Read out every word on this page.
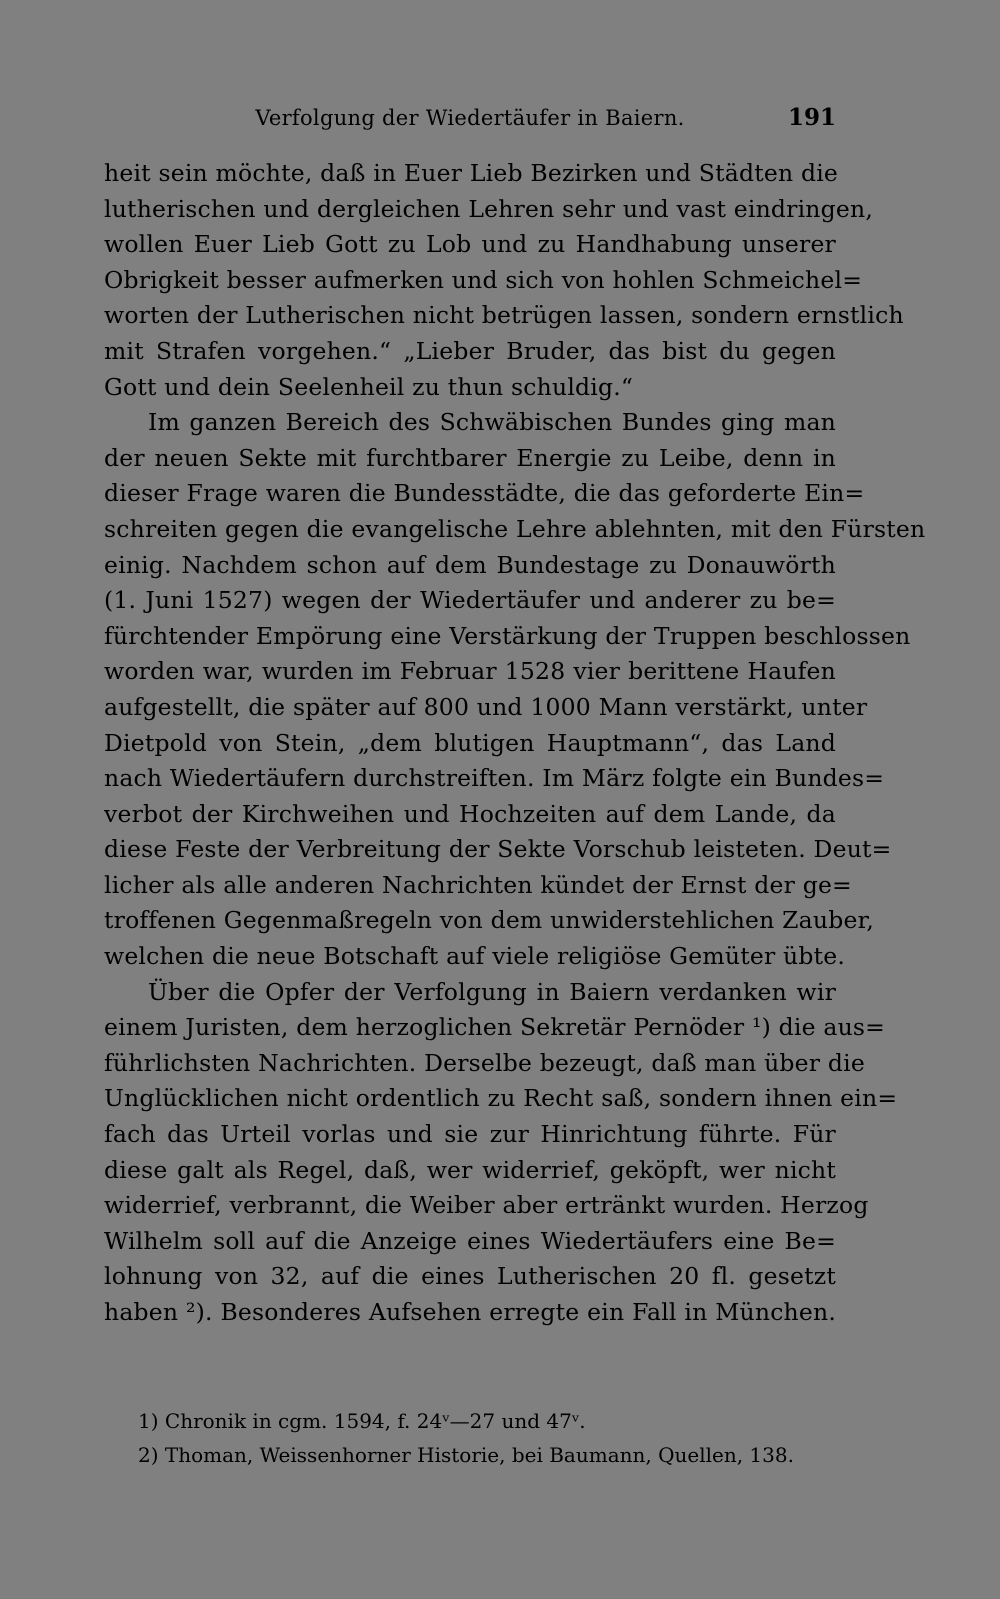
Verfolgung der Wiedertäufer in Baiern.	191
heit sein möchte, daß in Euer Lieb Bezirken und Städten die
lutherischen und dergleichen Lehren sehr und vast eindringen,
wollen Euer Lieb Gott zu Lob und zu Handhabung unserer
Obrigkeit besser aufmerken und sich von hohlen Schmeichel=
worten der Lutherischen nicht betrügen lassen, sondern ernstlich
mit Strafen vorgehen.“ „Lieber Bruder, das bist du gegen
Gott und dein Seelenheil zu thun schuldig.“
Im ganzen Bereich des Schwäbischen Bundes ging man
der neuen Sekte mit furchtbarer Energie zu Leibe, denn in
dieser Frage waren die Bundesstädte, die das geforderte Ein=
schreiten gegen die evangelische Lehre ablehnten, mit den Fürsten
einig. Nachdem schon auf dem Bundestage zu Donauwörth
(1. Juni 1527) wegen der Wiedertäufer und anderer zu be=
fürchtender Empörung eine Verstärkung der Truppen beschlossen
worden war, wurden im Februar 1528 vier berittene Haufen
aufgestellt, die später auf 800 und 1000 Mann verstärkt, unter
Dietpold von Stein, „dem blutigen Hauptmann“, das Land
nach Wiedertäufern durchstreiften. Im März folgte ein Bundes=
verbot der Kirchweihen und Hochzeiten auf dem Lande, da
diese Feste der Verbreitung der Sekte Vorschub leisteten. Deut=
licher als alle anderen Nachrichten kündet der Ernst der ge=
troffenen Gegenmaßregeln von dem unwiderstehlichen Zauber,
welchen die neue Botschaft auf viele religiöse Gemüter übte.
Über die Opfer der Verfolgung in Baiern verdanken wir
einem Juristen, dem herzoglichen Sekretär Pernöder ¹) die aus=
führlichsten Nachrichten. Derselbe bezeugt, daß man über die
Unglücklichen nicht ordentlich zu Recht saß, sondern ihnen ein=
fach das Urteil vorlas und sie zur Hinrichtung führte. Für
diese galt als Regel, daß, wer widerrief, geköpft, wer nicht
widerrief, verbrannt, die Weiber aber ertränkt wurden. Herzog
Wilhelm soll auf die Anzeige eines Wiedertäufers eine Be=
lohnung von 32, auf die eines Lutherischen 20 fl. gesetzt
haben ²). Besonderes Aufsehen erregte ein Fall in München.
1) Chronik in cgm. 1594, f. 24ᵛ—27 und 47ᵛ.
2) Thoman, Weissenhorner Historie, bei Baumann, Quellen, 138.
